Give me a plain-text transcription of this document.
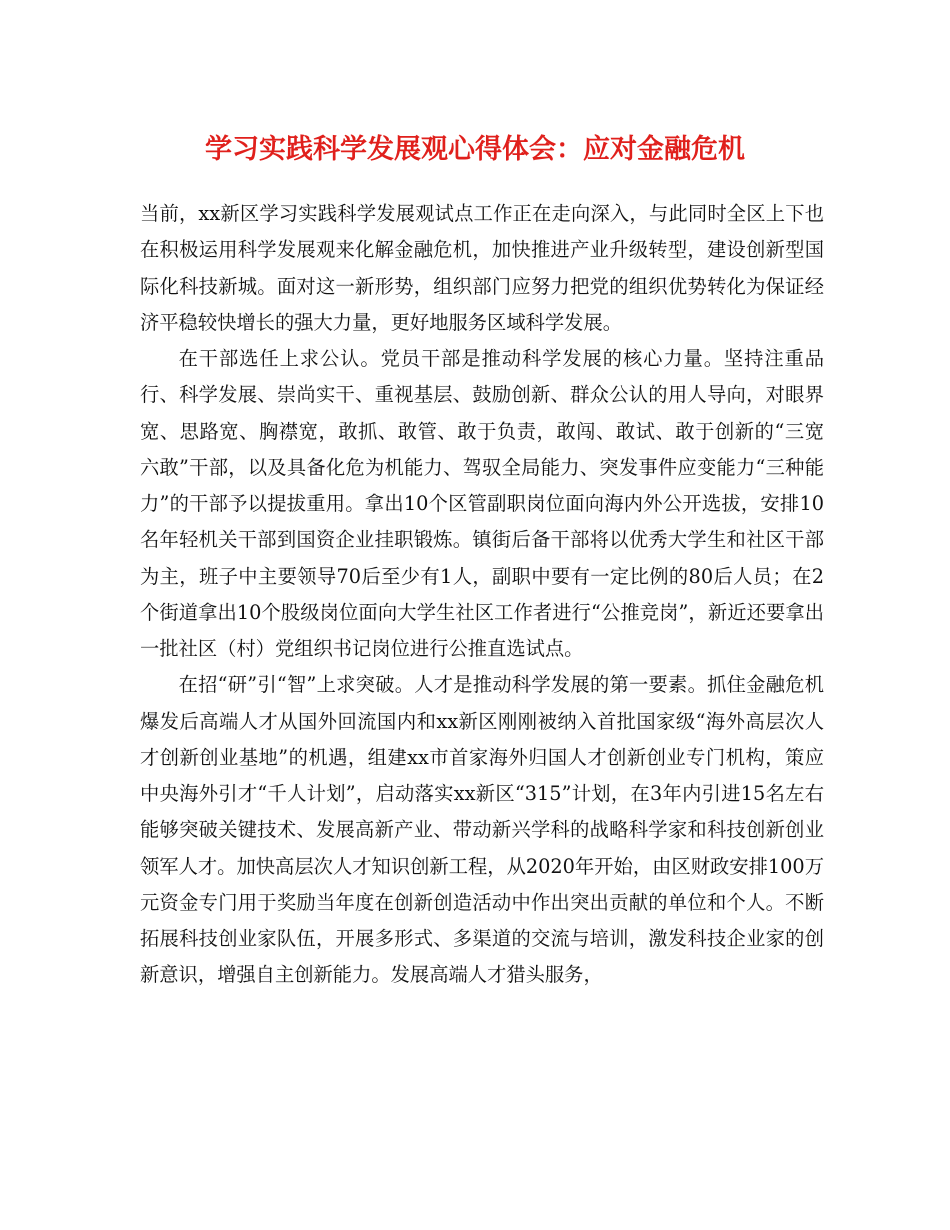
学习实践科学发展观心得体会：应对金融危机

当前，xx新区学习实践科学发展观试点工作正在走向深入，与此同时全区上下也在积极运用科学发展观来化解金融危机，加快推进产业升级转型，建设创新型国际化科技新城。面对这一新形势，组织部门应努力把党的组织优势转化为保证经济平稳较快增长的强大力量，更好地服务区域科学发展。

在干部选任上求公认。党员干部是推动科学发展的核心力量。坚持注重品行、科学发展、崇尚实干、重视基层、鼓励创新、群众公认的用人导向，对眼界宽、思路宽、胸襟宽，敢抓、敢管、敢于负责，敢闯、敢试、敢于创新的“三宽六敢”干部，以及具备化危为机能力、驾驭全局能力、突发事件应变能力“三种能力”的干部予以提拔重用。拿出10个区管副职岗位面向海内外公开选拔，安排10名年轻机关干部到国资企业挂职锻炼。镇街后备干部将以优秀大学生和社区干部为主，班子中主要领导70后至少有1人，副职中要有一定比例的80后人员；在2个街道拿出10个股级岗位面向大学生社区工作者进行“公推竞岗”，新近还要拿出一批社区（村）党组织书记岗位进行公推直选试点。

在招“研”引“智”上求突破。人才是推动科学发展的第一要素。抓住金融危机爆发后高端人才从国外回流国内和xx新区刚刚被纳入首批国家级“海外高层次人才创新创业基地”的机遇，组建xx市首家海外归国人才创新创业专门机构，策应中央海外引才“千人计划”，启动落实xx新区“315”计划，在3年内引进15名左右能够突破关键技术、发展高新产业、带动新兴学科的战略科学家和科技创新创业领军人才。加快高层次人才知识创新工程，从2020年开始，由区财政安排100万元资金专门用于奖励当年度在创新创造活动中作出突出贡献的单位和个人。不断拓展科技创业家队伍，开展多形式、多渠道的交流与培训，激发科技企业家的创新意识，增强自主创新能力。发展高端人才猎头服务，
